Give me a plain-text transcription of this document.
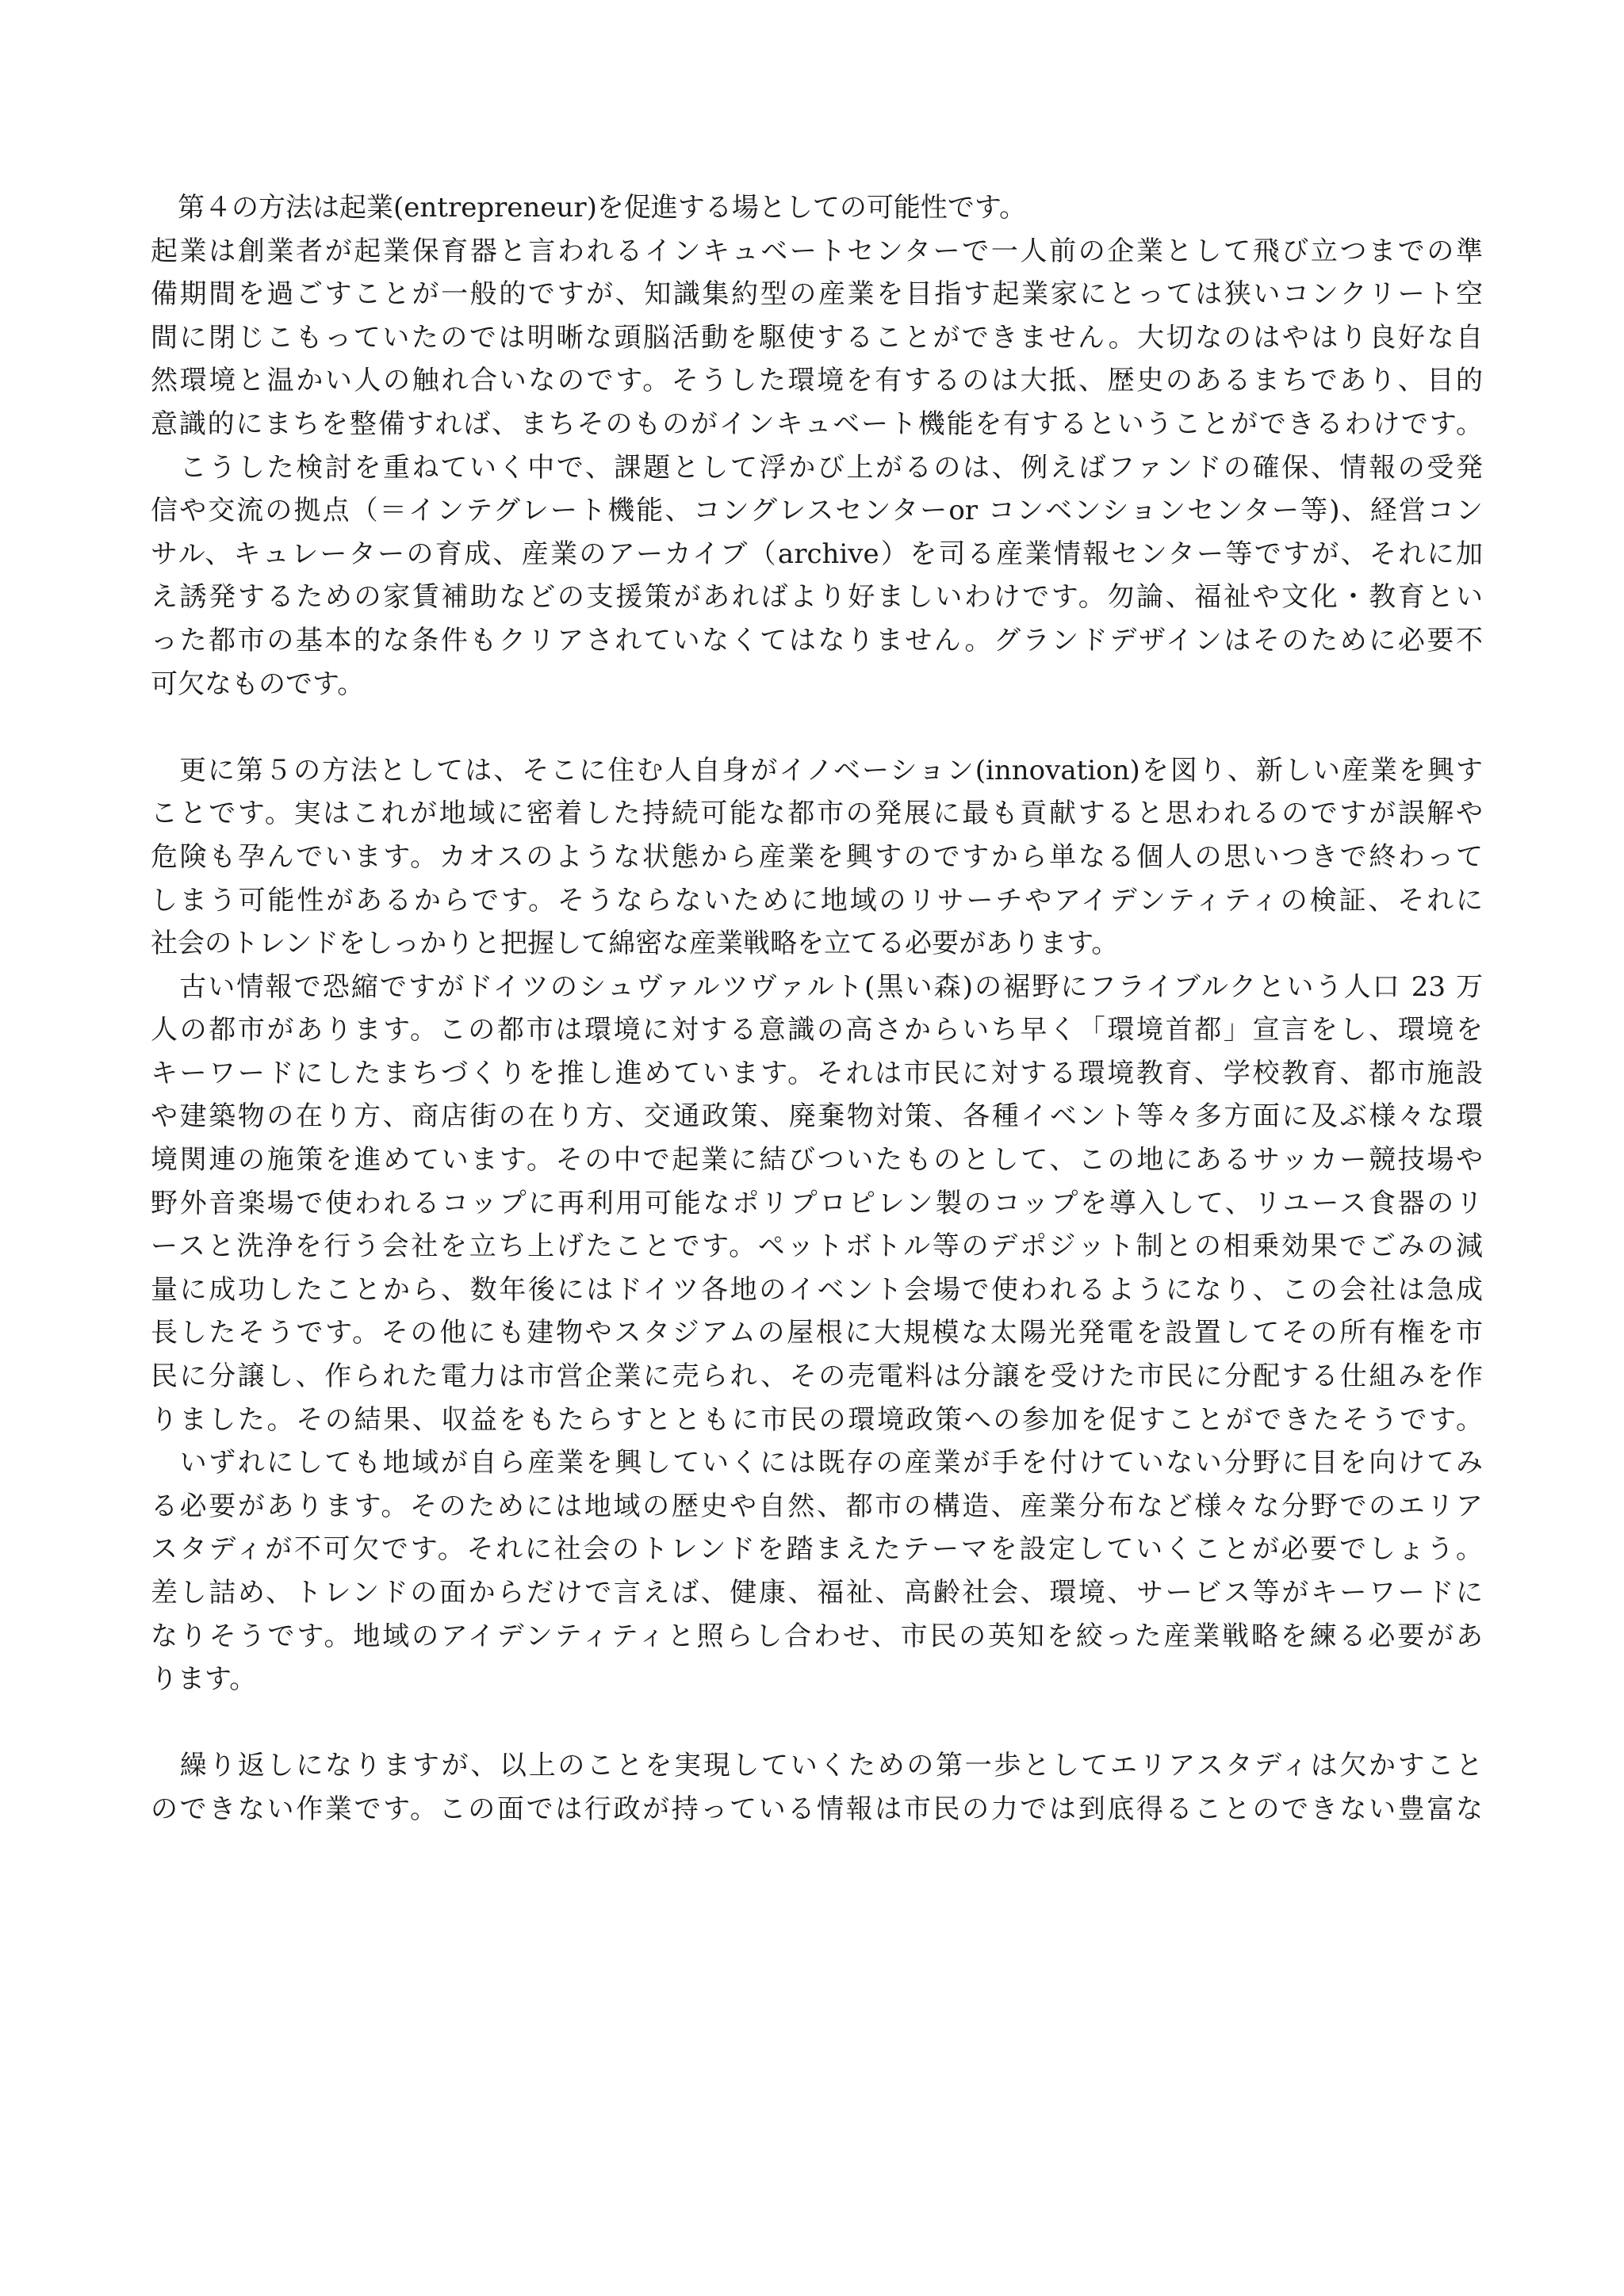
　第４の方法は起業(entrepreneur)を促進する場としての可能性です。
起業は創業者が起業保育器と言われるインキュベートセンターで一人前の企業として飛び立つまでの準
備期間を過ごすことが一般的ですが、知識集約型の産業を目指す起業家にとっては狭いコンクリート空
間に閉じこもっていたのでは明晰な頭脳活動を駆使することができません。大切なのはやはり良好な自
然環境と温かい人の触れ合いなのです。そうした環境を有するのは大抵、歴史のあるまちであり、目的
意識的にまちを整備すれば、まちそのものがインキュベート機能を有するということができるわけです。
　こうした検討を重ねていく中で、課題として浮かび上がるのは、例えばファンドの確保、情報の受発
信や交流の拠点（＝インテグレート機能、コングレスセンターor コンベンションセンター等)、経営コン
サル、キュレーターの育成、産業のアーカイブ（archive）を司る産業情報センター等ですが、それに加
え誘発するための家賃補助などの支援策があればより好ましいわけです。勿論、福祉や文化・教育とい
った都市の基本的な条件もクリアされていなくてはなりません。グランドデザインはそのために必要不
可欠なものです。
　更に第５の方法としては、そこに住む人自身がイノベーション(innovation)を図り、新しい産業を興す
ことです。実はこれが地域に密着した持続可能な都市の発展に最も貢献すると思われるのですが誤解や
危険も孕んでいます。カオスのような状態から産業を興すのですから単なる個人の思いつきで終わって
しまう可能性があるからです。そうならないために地域のリサーチやアイデンティティの検証、それに
社会のトレンドをしっかりと把握して綿密な産業戦略を立てる必要があります。
　古い情報で恐縮ですがドイツのシュヴァルツヴァルト(黒い森)の裾野にフライブルクという人口 23 万
人の都市があります。この都市は環境に対する意識の高さからいち早く「環境首都」宣言をし、環境を
キーワードにしたまちづくりを推し進めています。それは市民に対する環境教育、学校教育、都市施設
や建築物の在り方、商店街の在り方、交通政策、廃棄物対策、各種イベント等々多方面に及ぶ様々な環
境関連の施策を進めています。その中で起業に結びついたものとして、この地にあるサッカー競技場や
野外音楽場で使われるコップに再利用可能なポリプロピレン製のコップを導入して、リユース食器のリ
ースと洗浄を行う会社を立ち上げたことです。ペットボトル等のデポジット制との相乗効果でごみの減
量に成功したことから、数年後にはドイツ各地のイベント会場で使われるようになり、この会社は急成
長したそうです。その他にも建物やスタジアムの屋根に大規模な太陽光発電を設置してその所有権を市
民に分譲し、作られた電力は市営企業に売られ、その売電料は分譲を受けた市民に分配する仕組みを作
りました。その結果、収益をもたらすとともに市民の環境政策への参加を促すことができたそうです。
　いずれにしても地域が自ら産業を興していくには既存の産業が手を付けていない分野に目を向けてみ
る必要があります。そのためには地域の歴史や自然、都市の構造、産業分布など様々な分野でのエリア
スタディが不可欠です。それに社会のトレンドを踏まえたテーマを設定していくことが必要でしょう。
差し詰め、トレンドの面からだけで言えば、健康、福祉、高齢社会、環境、サービス等がキーワードに
なりそうです。地域のアイデンティティと照らし合わせ、市民の英知を絞った産業戦略を練る必要があ
ります。
　繰り返しになりますが、以上のことを実現していくための第一歩としてエリアスタディは欠かすこと
のできない作業です。この面では行政が持っている情報は市民の力では到底得ることのできない豊富な
